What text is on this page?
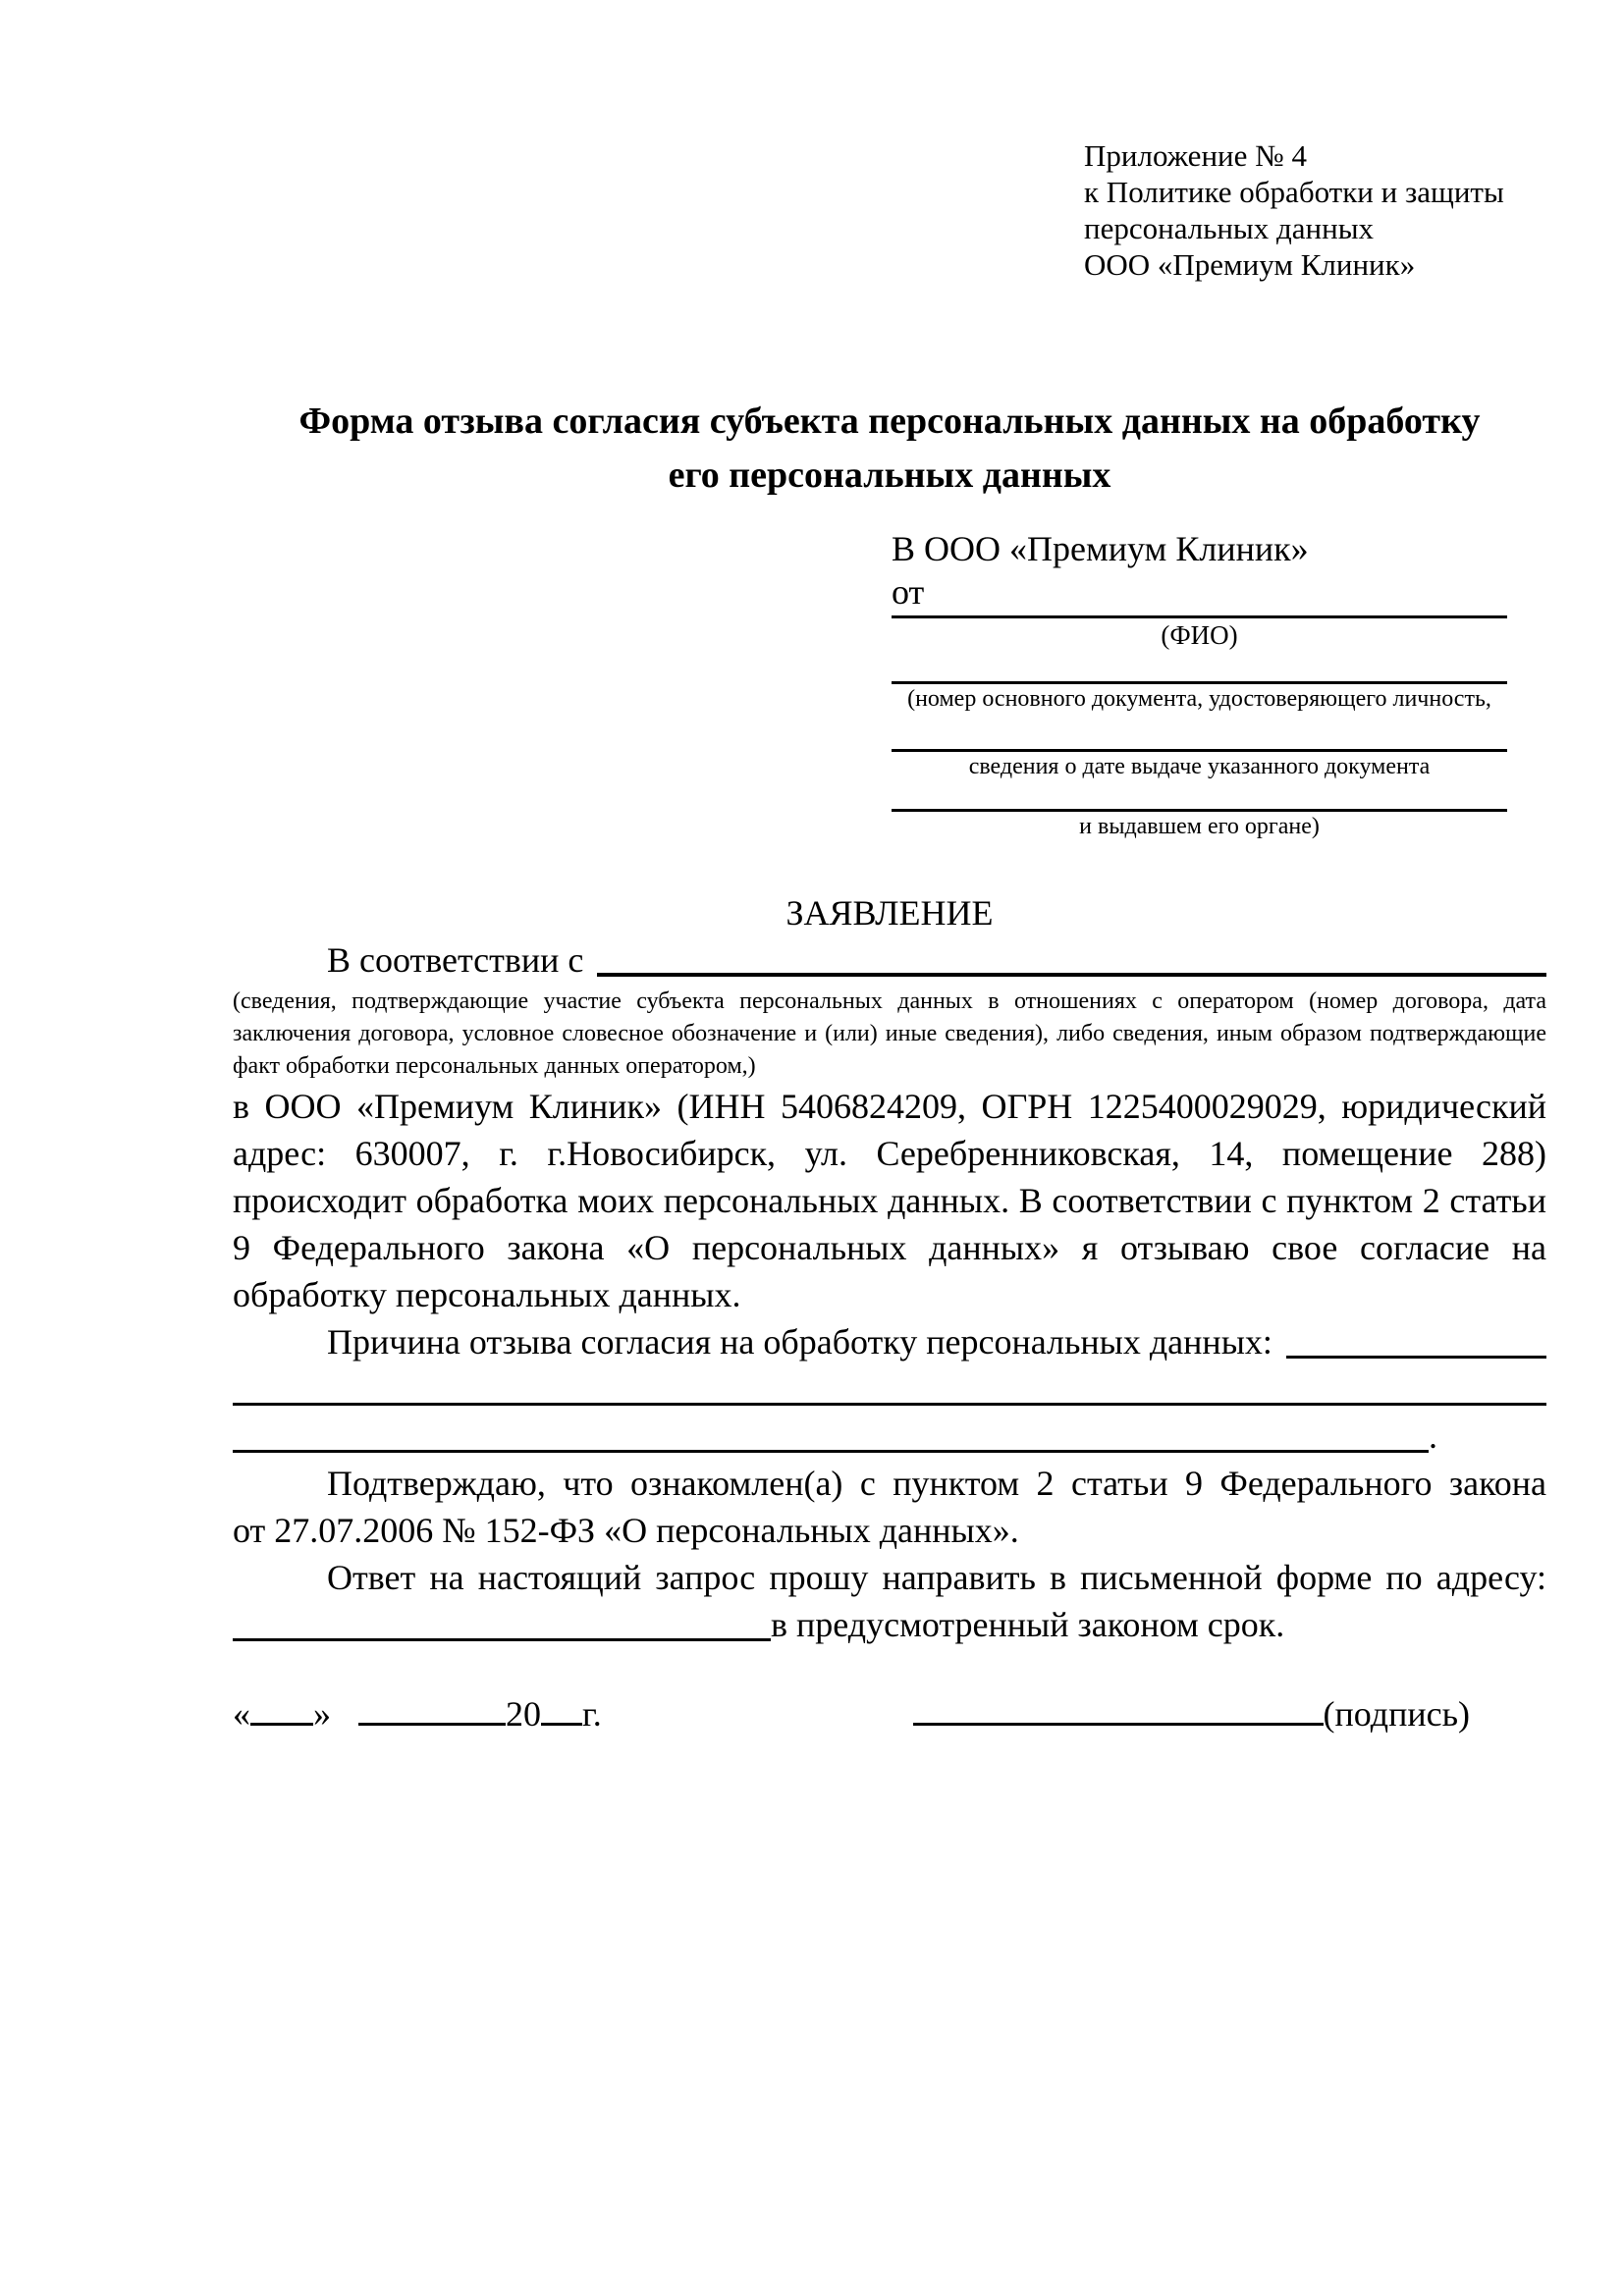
Приложение № 4
к Политике обработки и защиты
персональных данных
ООО «Премиум Клиник»
Форма отзыва согласия субъекта персональных данных на обработку
его персональных данных
В ООО «Премиум Клиник»
от
(ФИО)
(номер основного документа, удостоверяющего личность,
сведения о дате выдаче указанного документа
и выдавшем его органе)
ЗАЯВЛЕНИЕ
В соответствии с
(сведения, подтверждающие участие субъекта персональных данных в отношениях с оператором (номер договора, дата заключения договора, условное словесное обозначение и (или) иные сведения), либо сведения, иным образом подтверждающие факт обработки персональных данных оператором,)
в ООО «Премиум Клиник» (ИНН 5406824209, ОГРН 1225400029029, юридический адрес: 630007, г. г.Новосибирск, ул. Серебренниковская, 14, помещение 288) происходит обработка моих персональных данных. В соответствии с пунктом 2 статьи 9 Федерального закона «О персональных данных» я отзываю свое согласие на обработку персональных данных.
Причина отзыва согласия на обработку персональных данных:
.
Подтверждаю, что ознакомлен(а) с пунктом 2 статьи 9 Федерального закона
от 27.07.2006 № 152-ФЗ «О персональных данных».
Ответ на настоящий запрос прошу направить в письменной форме по адресу:
в предусмотренный законом срок.
« »	20 г.	(подпись)
